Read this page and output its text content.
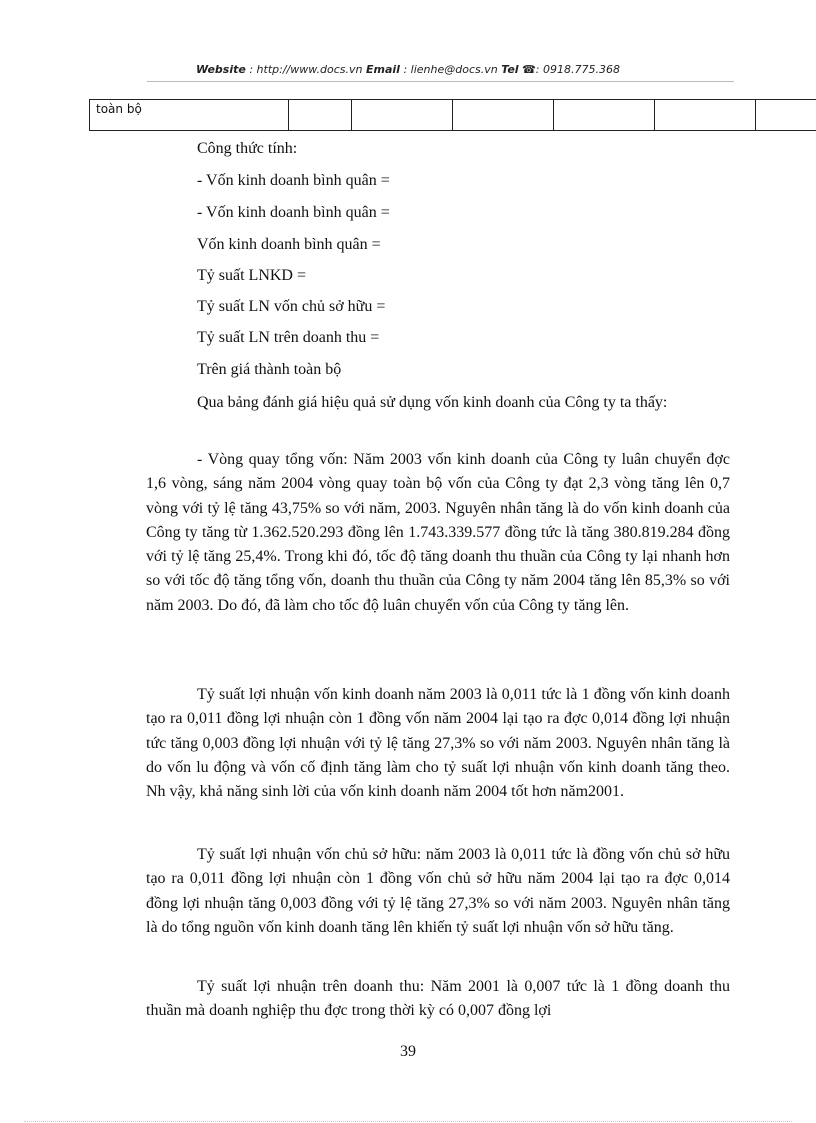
Website : http://www.docs.vn Email : lienhe@docs.vn Tel ☎: 0918.775.368
toàn bộ						
Công thức tính:
- Vốn kinh doanh bình quân =
- Vốn kinh doanh bình quân =
Vốn kinh doanh bình quân =
Tỷ suất LNKD =
Tỷ suất LN vốn chủ sở hữu =
Tỷ suất LN trên doanh thu =
Trên giá thành toàn bộ

Qua bảng đánh giá hiệu quả sử dụng vốn kinh doanh của Công ty ta thấy:

- Vòng quay tổng vốn: Năm 2003 vốn kinh doanh của Công ty luân chuyển đợc 1,6 vòng, sáng năm 2004 vòng quay toàn bộ vốn của Công ty đạt 2,3 vòng tăng lên 0,7 vòng với tỷ lệ tăng 43,75% so với năm, 2003. Nguyên nhân tăng là do vốn kinh doanh của Công ty tăng từ 1.362.520.293 đồng lên 1.743.339.577 đồng tức là tăng 380.819.284 đồng với tỷ lệ tăng 25,4%. Trong khi đó, tốc độ tăng doanh thu thuần của Công ty lại nhanh hơn so với tốc độ tăng tổng vốn, doanh thu thuần của Công ty năm 2004 tăng lên 85,3% so với năm 2003. Do đó, đã làm cho tốc độ luân chuyển vốn của Công ty tăng lên.

Tỷ suất lợi nhuận vốn kinh doanh năm 2003 là 0,011 tức là 1 đồng vốn kinh doanh tạo ra 0,011 đồng lợi nhuận còn 1 đồng vốn năm 2004 lại tạo ra đợc 0,014 đồng lợi nhuận tức tăng 0,003 đồng lợi nhuận với tỷ lệ tăng 27,3% so với năm 2003. Nguyên nhân tăng là do vốn lu động và vốn cố định tăng làm cho tỷ suất lợi nhuận vốn kinh doanh tăng theo. Nh vậy, khả năng sinh lời của vốn kinh doanh năm 2004 tốt hơn năm2001.

Tỷ suất lợi nhuận vốn chủ sở hữu: năm 2003 là 0,011 tức là đồng vốn chủ sở hữu tạo ra 0,011 đồng lợi nhuận còn 1 đồng vốn chủ sở hữu năm 2004 lại tạo ra đợc 0,014 đồng lợi nhuận tăng 0,003 đồng với tỷ lệ tăng 27,3% so với năm 2003. Nguyên nhân tăng là do tổng nguồn vốn kinh doanh tăng lên khiến tỷ suất lợi nhuận vốn sở hữu tăng.

Tỷ suất lợi nhuận trên doanh thu: Năm 2001 là 0,007 tức là 1 đồng doanh thu thuần mà doanh nghiệp thu đợc trong thời kỳ có 0,007 đồng lợi

39
